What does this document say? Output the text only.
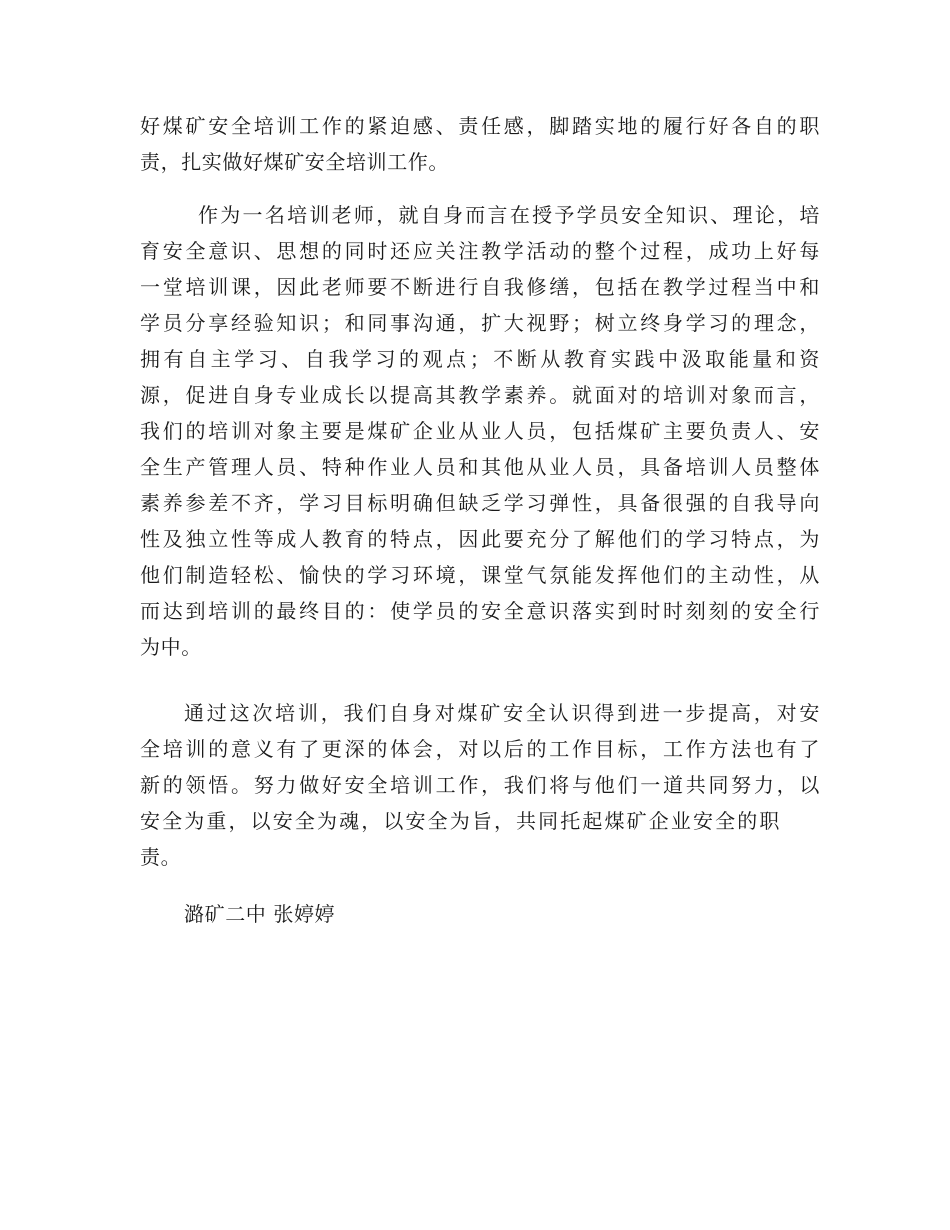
好煤矿安全培训工作的紧迫感、责任感，脚踏实地的履行好各自的职
责，扎实做好煤矿安全培训工作。
作为一名培训老师，就自身而言在授予学员安全知识、理论，培
育安全意识、思想的同时还应关注教学活动的整个过程，成功上好每
一堂培训课，因此老师要不断进行自我修缮，包括在教学过程当中和
学员分享经验知识；和同事沟通，扩大视野；树立终身学习的理念，
拥有自主学习、自我学习的观点；不断从教育实践中汲取能量和资
源，促进自身专业成长以提高其教学素养。就面对的培训对象而言，
我们的培训对象主要是煤矿企业从业人员，包括煤矿主要负责人、安
全生产管理人员、特种作业人员和其他从业人员，具备培训人员整体
素养参差不齐，学习目标明确但缺乏学习弹性，具备很强的自我导向
性及独立性等成人教育的特点，因此要充分了解他们的学习特点，为
他们制造轻松、愉快的学习环境，课堂气氛能发挥他们的主动性，从
而达到培训的最终目的：使学员的安全意识落实到时时刻刻的安全行
为中。
通过这次培训，我们自身对煤矿安全认识得到进一步提高，对安
全培训的意义有了更深的体会，对以后的工作目标，工作方法也有了
新的领悟。努力做好安全培训工作，我们将与他们一道共同努力，以
安全为重，以安全为魂，以安全为旨，共同托起煤矿企业安全的职
责。
潞矿二中 张婷婷
